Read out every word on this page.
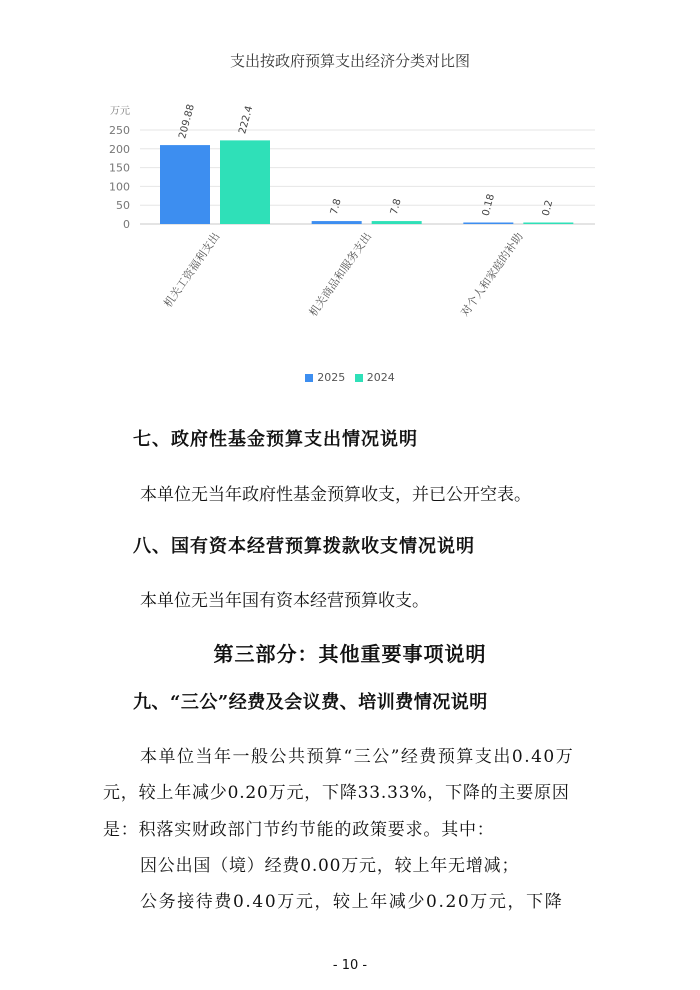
支出按政府预算支出经济分类对比图
万元
0
50
100
150
200
250	209.88	222.4
机关工资福利支出
7.8	7.8
机关商品和服务支出
0.18	0.2
对个人和家庭的补助
2025
2024
七、政府性基金预算支出情况说明
本单位无当年政府性基金预算收支，并已公开空表。
八、国有资本经营预算拨款收支情况说明
本单位无当年国有资本经营预算收支。
第三部分：其他重要事项说明
九、“三公”经费及会议费、培训费情况说明
本单位当年一般公共预算“三公”经费预算支出0.40万
元，较上年减少0.20万元，下降33.33%，下降的主要原因
是：积落实财政部门节约节能的政策要求。其中：
因公出国（境）经费0.00万元，较上年无增减；
公务接待费0.40万元，较上年减少0.20万元，下降
- 10 -
